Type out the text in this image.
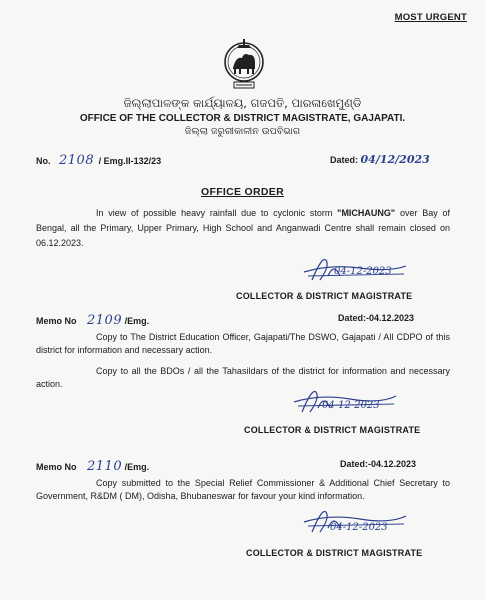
MOST URGENT
ଜିଲ୍ଲାପାଳଙ୍କ କାର୍ଯ୍ୟାଳୟ, ଗଜପତି, ପାରଳାଖେମୁଣ୍ଡି
OFFICE OF THE COLLECTOR & DISTRICT MAGISTRATE, GAJAPATI.
ଜିଲ୍ଲା ଜରୁରୀକାଳୀନ ଉପବିଭାଗ
No. 2108 / Emg.II-132/23	Dated: 04/12/2023
OFFICE ORDER
In view of possible heavy rainfall due to cyclonic storm "MICHAUNG" over Bay of Bengal, all the Primary, Upper Primary, High School and Anganwadi Centre shall remain closed on 06.12.2023.
04-12-2023
COLLECTOR & DISTRICT MAGISTRATE
Memo No 2109 /Emg.	Dated:-04.12.2023
Copy to The District Education Officer, Gajapati/The DSWO, Gajapati / All CDPO of this district for information and necessary action.
Copy to all the BDOs / all the Tahasildars of the district for information and necessary action.
04-12-2023
COLLECTOR & DISTRICT MAGISTRATE
Memo No 2110 /Emg.	Dated:-04.12.2023
Copy submitted to the Special Relief Commissioner & Additional Chief Secretary to Government, R&DM ( DM), Odisha, Bhubaneswar for favour your kind information.
04-12-2023
COLLECTOR & DISTRICT MAGISTRATE
